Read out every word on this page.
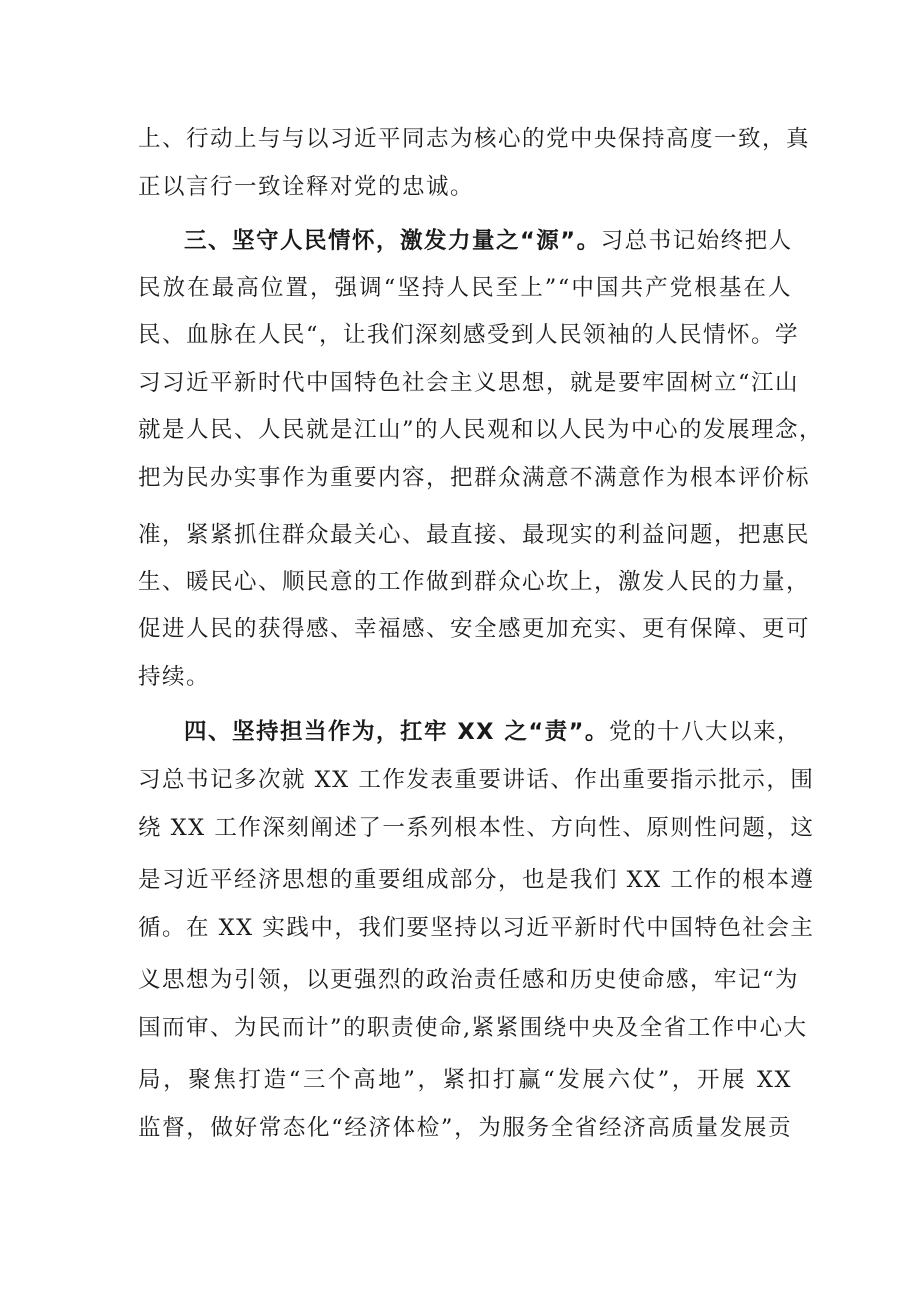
上、行动上与与以习近平同志为核心的党中央保持高度一致，真
正以言行一致诠释对党的忠诚。
三、坚守人民情怀，激发力量之“源”。习总书记始终把人
民放在最高位置，强调“坚持人民至上”“中国共产党根基在人
民、血脉在人民“，让我们深刻感受到人民领袖的人民情怀。学
习习近平新时代中国特色社会主义思想，就是要牢固树立“江山
就是人民、人民就是江山”的人民观和以人民为中心的发展理念，
把为民办实事作为重要内容，把群众满意不满意作为根本评价标
准，紧紧抓住群众最关心、最直接、最现实的利益问题，把惠民
生、暖民心、顺民意的工作做到群众心坎上，激发人民的力量，
促进人民的获得感、幸福感、安全感更加充实、更有保障、更可
持续。
四、坚持担当作为，扛牢 XX 之“责”。党的十八大以来，
习总书记多次就 XX 工作发表重要讲话、作出重要指示批示，围
绕 XX 工作深刻阐述了一系列根本性、方向性、原则性问题，这
是习近平经济思想的重要组成部分，也是我们 XX 工作的根本遵
循。在 XX 实践中，我们要坚持以习近平新时代中国特色社会主
义思想为引领，以更强烈的政治责任感和历史使命感，牢记“为
国而审、为民而计”的职责使命,紧紧围绕中央及全省工作中心大
局，聚焦打造“三个高地”，紧扣打赢“发展六仗”，开展 XX
监督，做好常态化“经济体检”，为服务全省经济高质量发展贡
